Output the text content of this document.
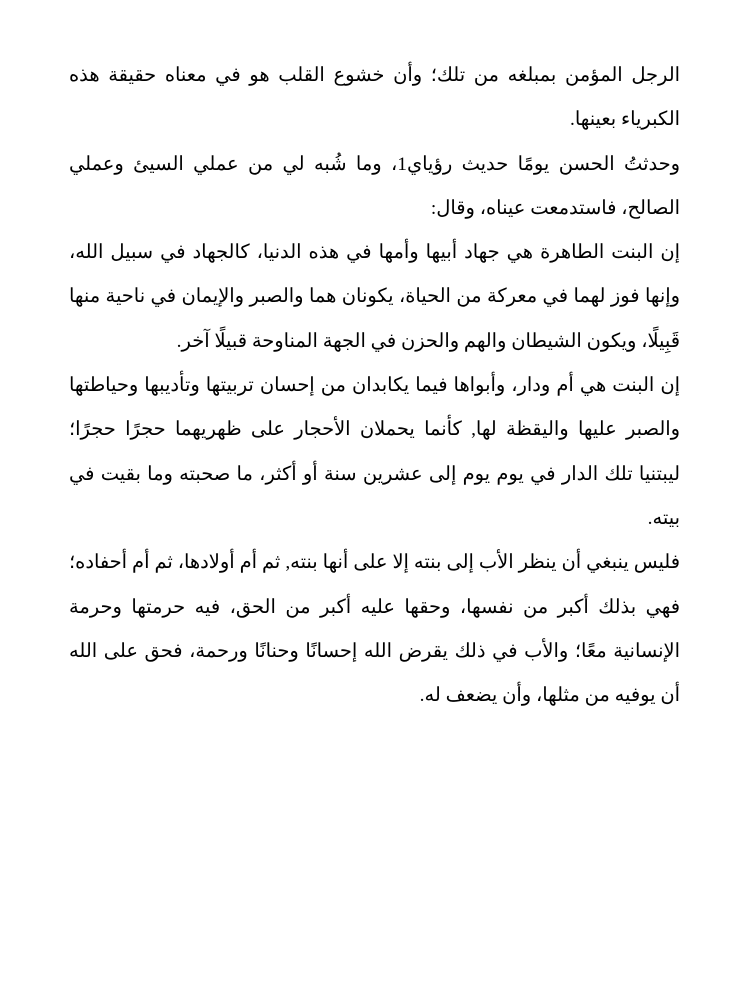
الرجل المؤمن بمبلغه من تلك؛ وأن خشوع القلب هو في معناه حقيقة هذه الكبرياء بعينها.

وحدثتُ الحسن يومًا حديث رؤياي1، وما شُبه لي من عملي السيئ وعملي الصالح، فاستدمعت عيناه، وقال:

إن البنت الطاهرة هي جهاد أبيها وأمها في هذه الدنيا، كالجهاد في سبيل الله، وإنها فوز لهما في معركة من الحياة، يكونان هما والصبر والإيمان في ناحية منها قَبِيلًا، ويكون الشيطان والهم والحزن في الجهة المناوحة قبيلًا آخر.

إن البنت هي أم ودار، وأبواها فيما يكابدان من إحسان تربيتها وتأديبها وحياطتها والصبر عليها واليقظة لها, كأنما يحملان الأحجار على ظهريهما حجرًا حجرًا؛ ليبتنيا تلك الدار في يوم يوم إلى عشرين سنة أو أكثر، ما صحبته وما بقيت في بيته.

فليس ينبغي أن ينظر الأب إلى بنته إلا على أنها بنته, ثم أم أولادها، ثم أم أحفاده؛ فهي بذلك أكبر من نفسها، وحقها عليه أكبر من الحق، فيه حرمتها وحرمة الإنسانية معًا؛ والأب في ذلك يقرض الله إحسانًا وحنانًا ورحمة، فحق على الله أن يوفيه من مثلها، وأن يضعف له.
